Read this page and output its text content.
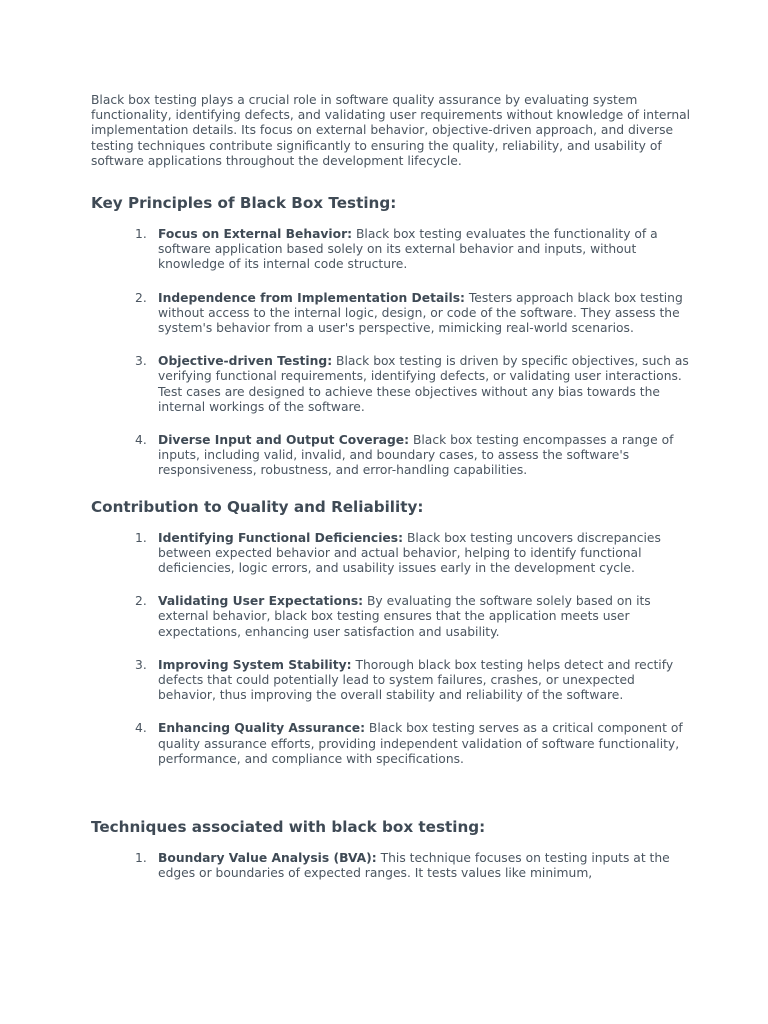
Black box testing plays a crucial role in software quality assurance by evaluating system functionality, identifying defects, and validating user requirements without knowledge of internal implementation details. Its focus on external behavior, objective-driven approach, and diverse testing techniques contribute significantly to ensuring the quality, reliability, and usability of software applications throughout the development lifecycle.

Key Principles of Black Box Testing:
1. Focus on External Behavior: Black box testing evaluates the functionality of a software application based solely on its external behavior and inputs, without knowledge of its internal code structure.
2. Independence from Implementation Details: Testers approach black box testing without access to the internal logic, design, or code of the software. They assess the system's behavior from a user's perspective, mimicking real-world scenarios.
3. Objective-driven Testing: Black box testing is driven by specific objectives, such as verifying functional requirements, identifying defects, or validating user interactions. Test cases are designed to achieve these objectives without any bias towards the internal workings of the software.
4. Diverse Input and Output Coverage: Black box testing encompasses a range of inputs, including valid, invalid, and boundary cases, to assess the software's responsiveness, robustness, and error-handling capabilities.
Contribution to Quality and Reliability:
1. Identifying Functional Deficiencies: Black box testing uncovers discrepancies between expected behavior and actual behavior, helping to identify functional deficiencies, logic errors, and usability issues early in the development cycle.
2. Validating User Expectations: By evaluating the software solely based on its external behavior, black box testing ensures that the application meets user expectations, enhancing user satisfaction and usability.
3. Improving System Stability: Thorough black box testing helps detect and rectify defects that could potentially lead to system failures, crashes, or unexpected behavior, thus improving the overall stability and reliability of the software.
4. Enhancing Quality Assurance: Black box testing serves as a critical component of quality assurance efforts, providing independent validation of software functionality, performance, and compliance with specifications.
Techniques associated with black box testing:
1. Boundary Value Analysis (BVA): This technique focuses on testing inputs at the edges or boundaries of expected ranges. It tests values like minimum,
